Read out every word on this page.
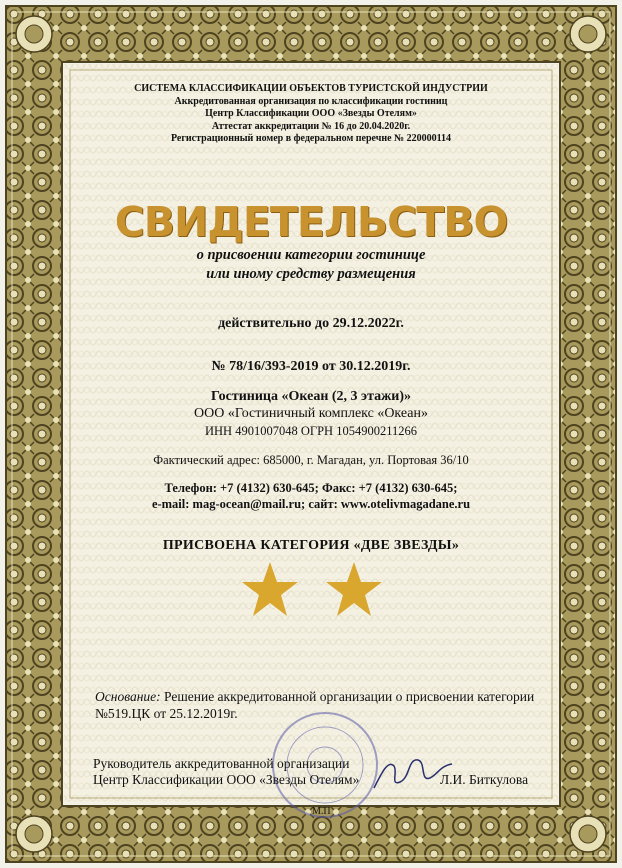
СИСТЕМА КЛАССИФИКАЦИИ ОБЪЕКТОВ ТУРИСТСКОЙ ИНДУСТРИИ
Аккредитованная организация по классификации гостиниц
Центр Классификации ООО «Звезды Отелям»
Аттестат аккредитации № 16 до 20.04.2020г.
Регистрационный номер в федеральном перечне № 220000114
СВИДЕТЕЛЬСТВО
о присвоении категории гостинице
или иному средству размещения
действительно до 29.12.2022г.
№ 78/16/393-2019 от 30.12.2019г.
Гостиница «Океан (2, 3 этажи)»
ООО «Гостиничный комплекс «Океан»
ИНН 4901007048 ОГРН 1054900211266
Фактический адрес: 685000, г. Магадан, ул. Портовая 36/10
Телефон: +7 (4132) 630-645; Факс: +7 (4132) 630-645;
e-mail: mag-ocean@mail.ru; сайт: www.otelivmagadane.ru
ПРИСВОЕНА КАТЕГОРИЯ «ДВЕ ЗВЕЗДЫ»
Основание: Решение аккредитованной организации о присвоении категории №519.ЦК от 25.12.2019г.
Руководитель аккредитованной организации
Центр Классификации ООО «Звезды Отелям»	Л.И. Биткулова
М.П
